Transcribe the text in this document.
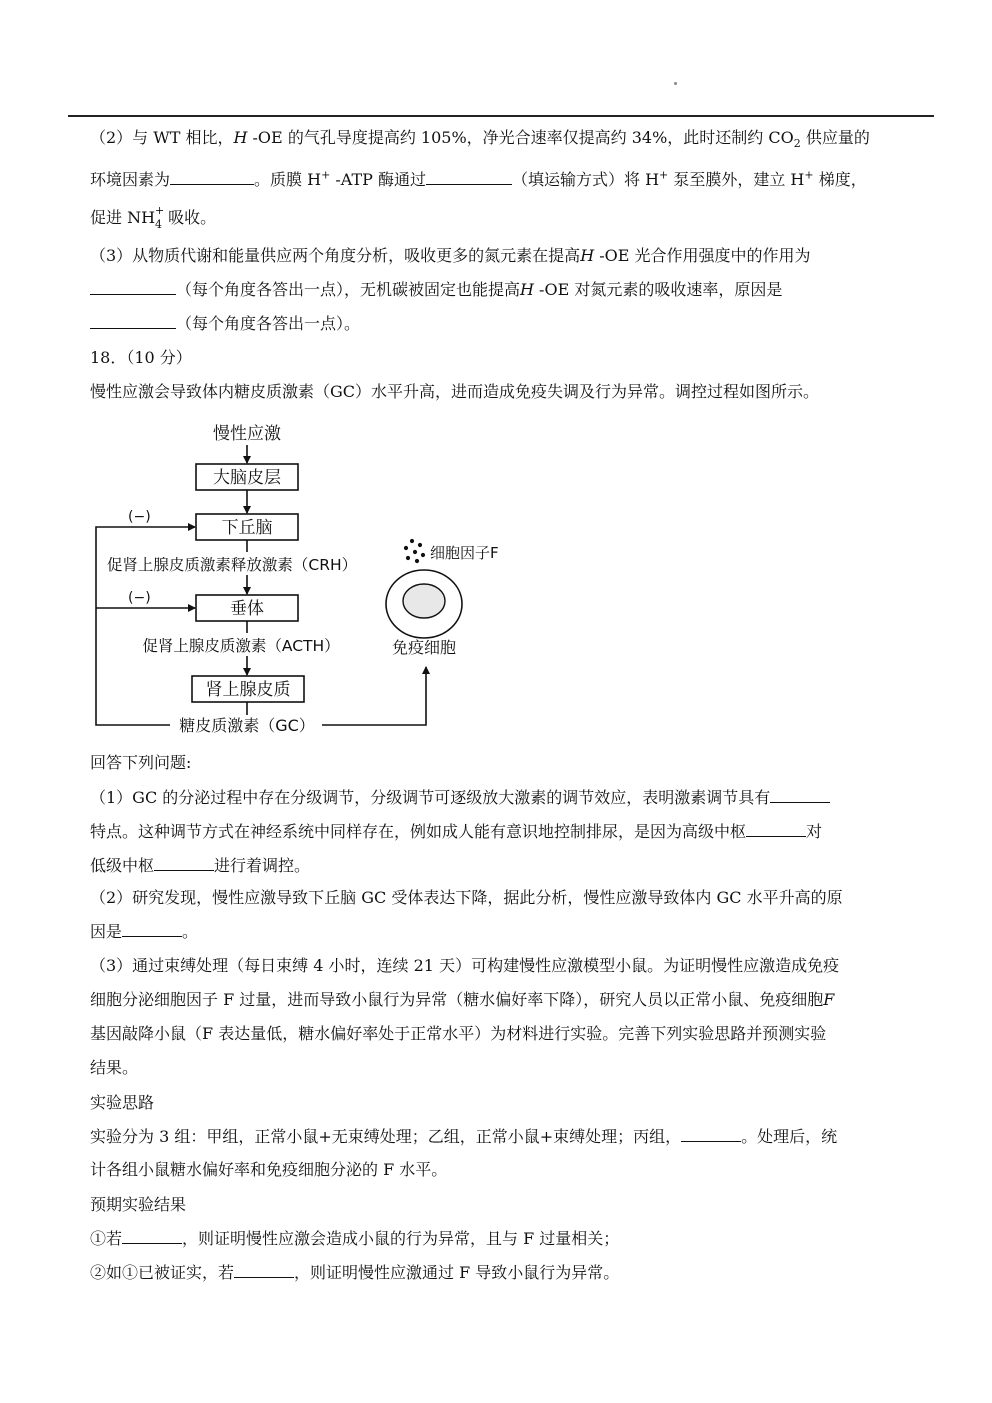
（2）与 WT 相比，H -OE 的气孔导度提高约 105%，净光合速率仅提高约 34%，此时还制约 $CO_2$ 供应量的
环境因素为	。质膜 H+ -ATP 酶通过	（填运输方式）将 H+ 泵至膜外，建立 H+ 梯度，
促进 NH +
4 吸收。
（3）从物质代谢和能量供应两个角度分析，吸收更多的氮元素在提高H -OE 光合作用强度中的作用为
（每个角度各答出一点），无机碳被固定也能提高H -OE 对氮元素的吸收速率，原因是
（每个角度各答出一点）。
18．（10 分）
慢性应激会导致体内糖皮质激素（GC）水平升高，进而造成免疫失调及行为异常。调控过程如图所示。
慢性应激
大脑皮层
下丘脑
促肾上腺皮质激素释放激素（CRH）
垂体
促肾上腺皮质激素（ACTH）
肾上腺皮质
糖皮质激素（GC）
(−)
(−)
细胞因子F
免疫细胞
回答下列问题:
（1）GC 的分泌过程中存在分级调节，分级调节可逐级放大激素的调节效应，表明激素调节具有
特点。这种调节方式在神经系统中同样存在，例如成人能有意识地控制排尿，是因为高级中枢	对
低级中枢	进行着调控。
（2）研究发现，慢性应激导致下丘脑 GC 受体表达下降，据此分析，慢性应激导致体内 GC 水平升高的原
因是	。
（3）通过束缚处理（每日束缚 4 小时，连续 21 天）可构建慢性应激模型小鼠。为证明慢性应激造成免疫
细胞分泌细胞因子 F 过量，进而导致小鼠行为异常（糖水偏好率下降），研究人员以正常小鼠、免疫细胞F
基因敲降小鼠（F 表达量低，糖水偏好率处于正常水平）为材料进行实验。完善下列实验思路并预测实验
结果。
实验思路
实验分为 3 组：甲组，正常小鼠+无束缚处理；乙组，正常小鼠+束缚处理；丙组，	。处理后，统
计各组小鼠糖水偏好率和免疫细胞分泌的 F 水平。
预期实验结果
①若	，则证明慢性应激会造成小鼠的行为异常，且与 F 过量相关；
②如①已被证实，若	，则证明慢性应激通过 F 导致小鼠行为异常。
